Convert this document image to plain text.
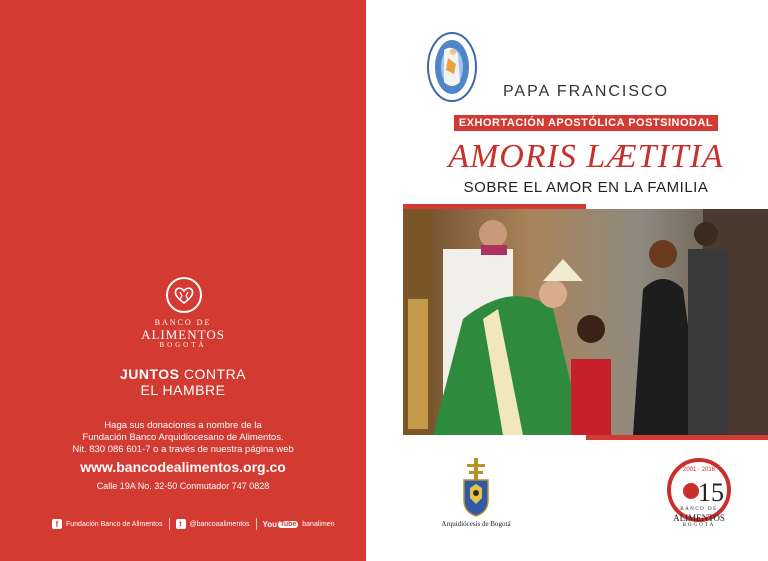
BANCO DE
ALIMENTOS
BOGOTÁ
JUNTOS CONTRA
EL HAMBRE
Haga sus donaciones a nombre de la
Fundación Banco Arquidiocesano de Alimentos.
Nit. 830 086 601-7 o a través de nuestra página web
www.bancodealimentos.org.co
Calle 19A No. 32-50 Conmutador 747 0828
f	Fundación Banco de Alimentos	t	@bancoaalimentos You Tube banalimen
PAPA FRANCISCO
EXHORTACIÓN APOSTÓLICA POSTSINODAL
AMORIS LÆTITIA
SOBRE EL AMOR EN LA FAMILIA
Arquidiócesis de Bogotá
2001 · 2016
15
BANCO DE
ALIMENTOS
BOGOTÁ
